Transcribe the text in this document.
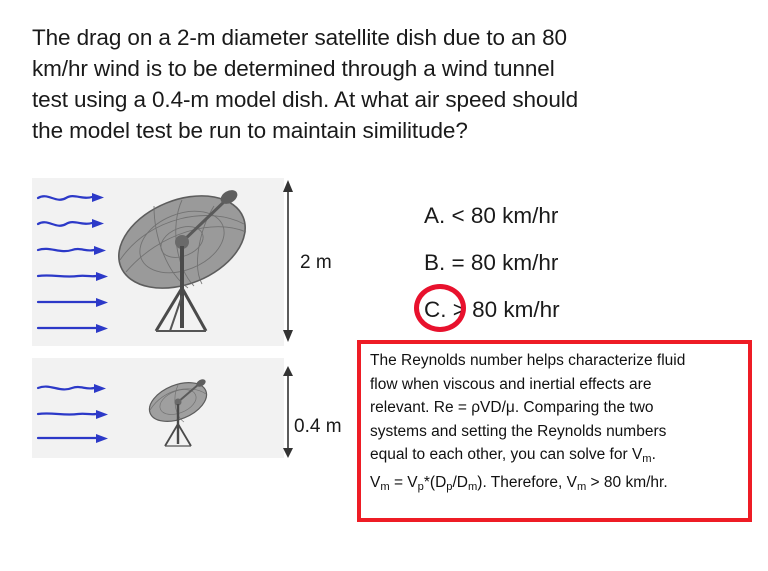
The drag on a 2-m diameter satellite dish due to an 80 km/hr wind is to be determined through a wind tunnel test using a 0.4-m model dish. At what air speed should the model test be run to maintain similitude?
2 m
0.4 m
A. < 80 km/hr
B. = 80 km/hr
C. > 80 km/hr

The Reynolds number helps characterize fluid

flow when viscous and inertial effects are

relevant. Re = ρVD/μ. Comparing the two

systems and setting the Reynolds numbers

equal to each other, you can solve for $V_m$.

$V_m = V_p*(D_p/D_m)$. Therefore, $V_m > 80$ km/hr.
